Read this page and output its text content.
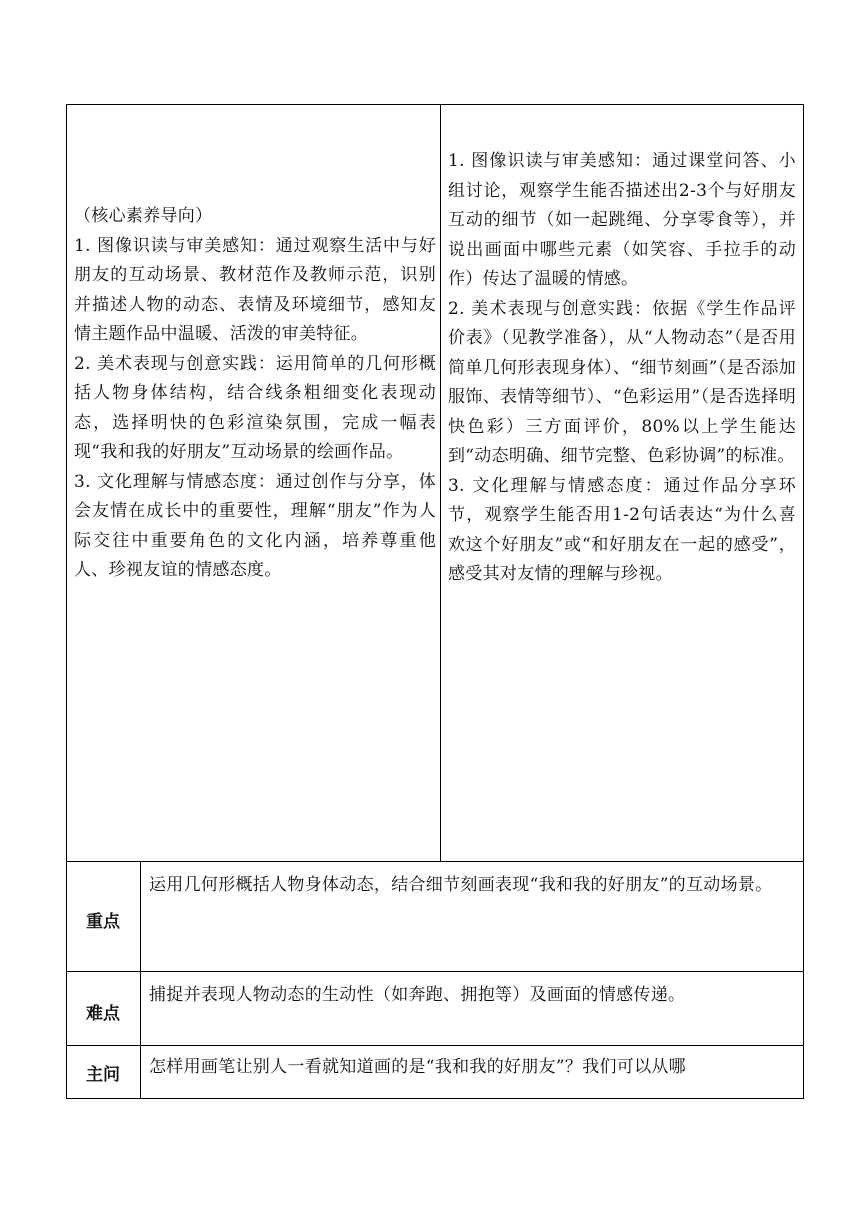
（核心素养导向）

1. 图像识读与审美感知：通过观察生活中与好朋友的互动场景、教材范作及教师示范，识别并描述人物的动态、表情及环境细节，感知友情主题作品中温暖、活泼的审美特征。

2. 美术表现与创意实践：运用简单的几何形概括人物身体结构，结合线条粗细变化表现动态，选择明快的色彩渲染氛围，完成一幅表现“我和我的好朋友”互动场景的绘画作品。

3. 文化理解与情感态度：通过创作与分享，体会友情在成长中的重要性，理解“朋友”作为人际交往中重要角色的文化内涵，培养尊重他人、珍视友谊的情感态度。

1. 图像识读与审美感知：通过课堂问答、小组讨论，观察学生能否描述出2-3个与好朋友互动的细节（如一起跳绳、分享零食等），并说出画面中哪些元素（如笑容、手拉手的动作）传达了温暖的情感。

2. 美术表现与创意实践：依据《学生作品评价表》（见教学准备），从“人物动态”（是否用简单几何形表现身体）、“细节刻画”（是否添加服饰、表情等细节）、“色彩运用”（是否选择明快色彩）三方面评价，80%以上学生能达到“动态明确、细节完整、色彩协调”的标准。

3. 文化理解与情感态度：通过作品分享环节，观察学生能否用1-2句话表达“为什么喜欢这个好朋友”或“和好朋友在一起的感受”，感受其对友情的理解与珍视。

重点
运用几何形概括人物身体动态，结合细节刻画表现“我和我的好朋友”的互动场景。
难点
捕捉并表现人物动态的生动性（如奔跑、拥抱等）及画面的情感传递。
主问	怎样用画笔让别人一看就知道画的是“我和我的好朋友”？我们可以从哪
